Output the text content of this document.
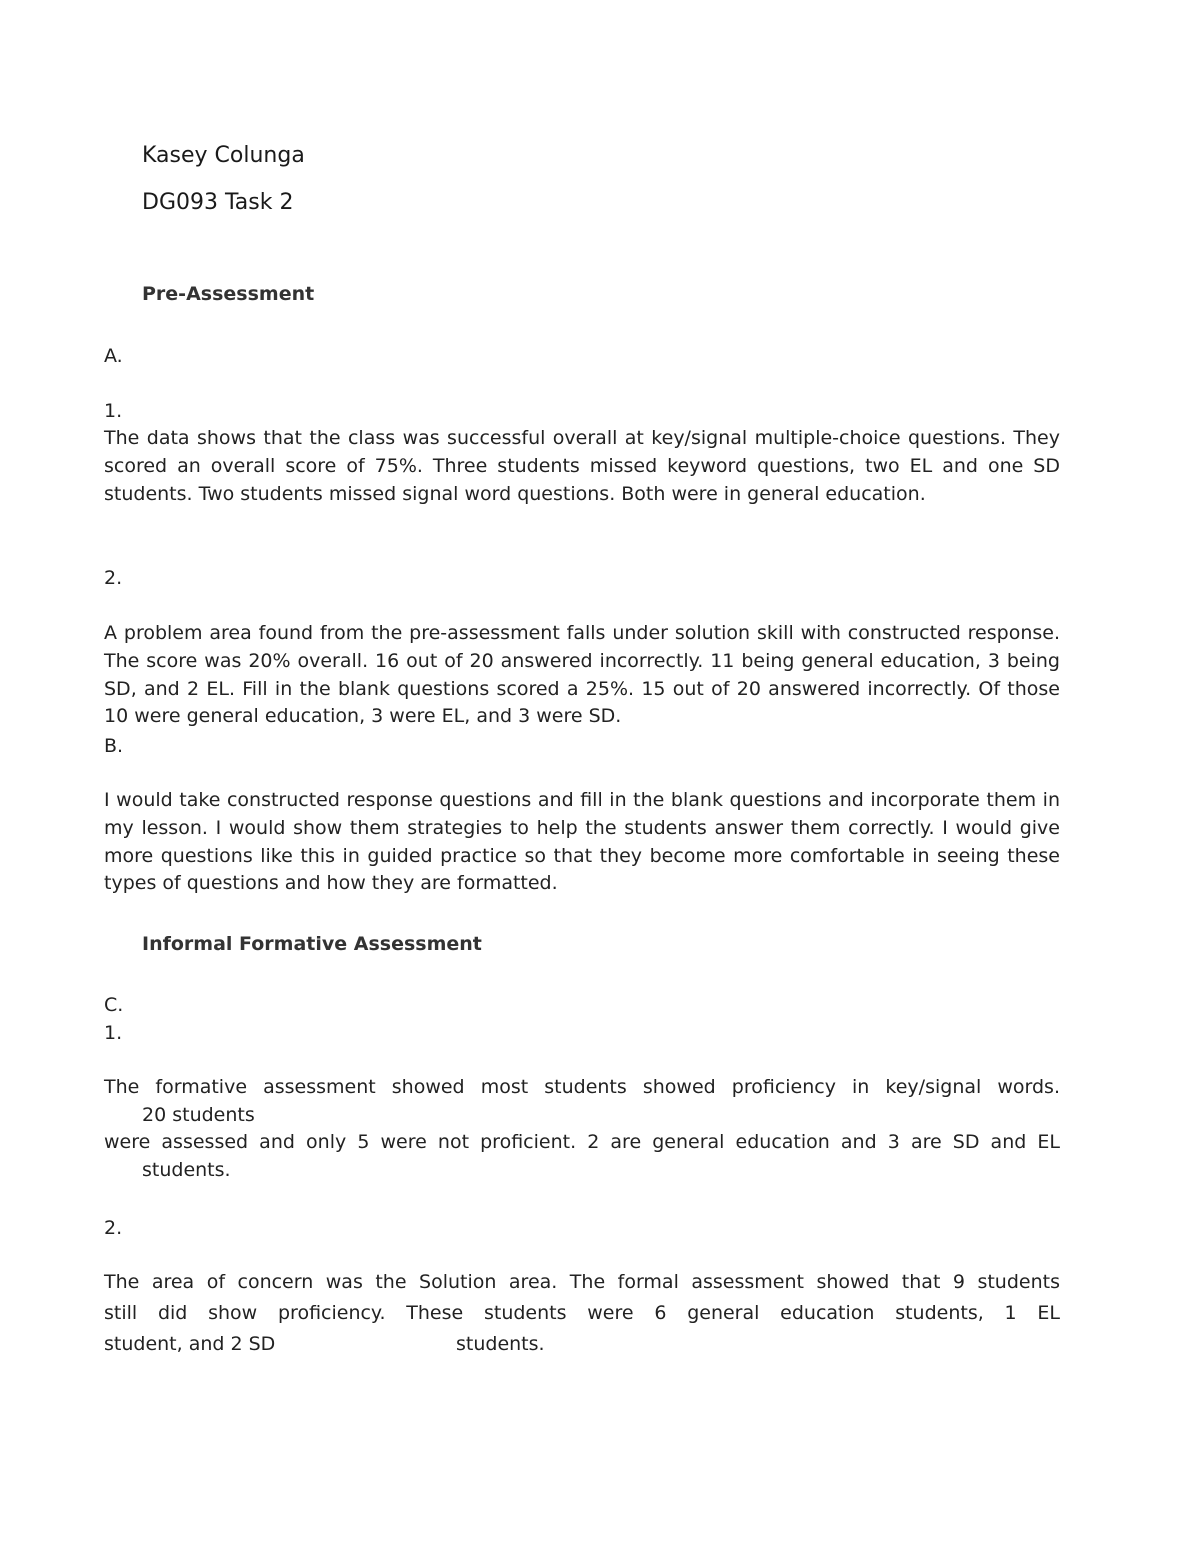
Kasey Colunga

DG093 Task 2

Pre-Assessment

A.

1.

The data shows that the class was successful overall at key/signal multiple-choice questions. They scored an overall score of 75%. Three students missed keyword questions, two EL and one SD students. Two students missed signal word questions. Both were in general education.

2.

A problem area found from the pre-assessment falls under solution skill with constructed response. The score was 20% overall. 16 out of 20 answered incorrectly. 11 being general education, 3 being SD, and 2 EL. Fill in the blank questions scored a 25%. 15 out of 20 answered incorrectly. Of those 10 were general education, 3 were EL, and 3 were SD.

B.

I would take constructed response questions and fill in the blank questions and incorporate them in my lesson. I would show them strategies to help the students answer them correctly. I would give more questions like this in guided practice so that they become more comfortable in seeing these types of questions and how they are formatted.

Informal Formative Assessment

C.

1.

The formative assessment showed most students showed proficiency in key/signal words.

20 students

were assessed and only 5 were not proficient. 2 are general education and 3 are SD and EL

students.

2.

The area of concern was the Solution area. The formal assessment showed that 9 students

still did show proficiency. These students were 6 general education students, 1 EL

student, and 2 SD	students.
